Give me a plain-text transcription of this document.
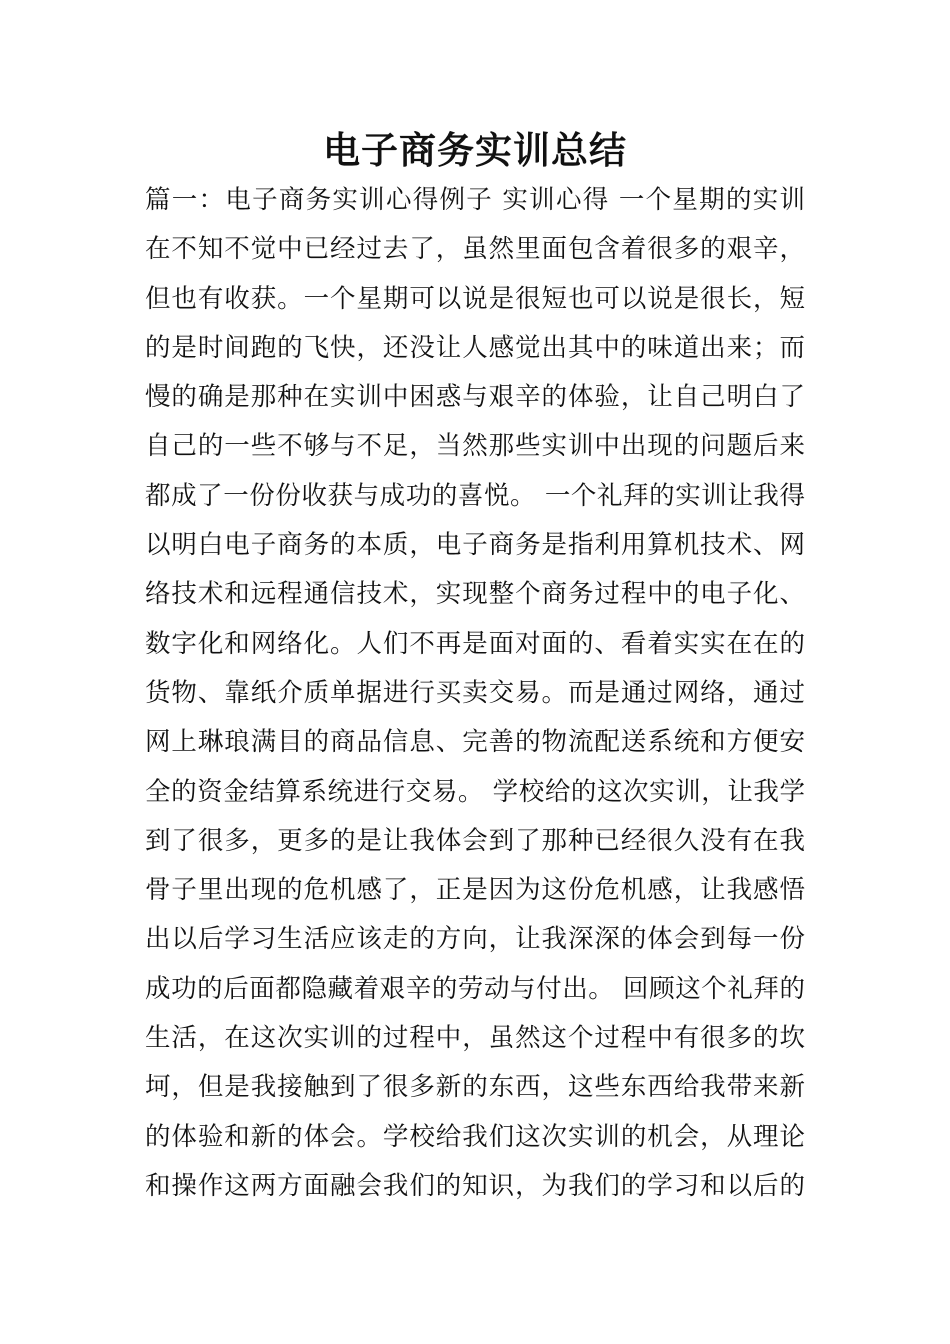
电子商务实训总结
篇一：电子商务实训心得例子 实训心得 一个星期的实训
在不知不觉中已经过去了，虽然里面包含着很多的艰辛，
但也有收获。一个星期可以说是很短也可以说是很长，短
的是时间跑的飞快，还没让人感觉出其中的味道出来；而
慢的确是那种在实训中困惑与艰辛的体验，让自己明白了
自己的一些不够与不足，当然那些实训中出现的问题后来
都成了一份份收获与成功的喜悦。 一个礼拜的实训让我得
以明白电子商务的本质，电子商务是指利用算机技术、网
络技术和远程通信技术，实现整个商务过程中的电子化、
数字化和网络化。人们不再是面对面的、看着实实在在的
货物、靠纸介质单据进行买卖交易。而是通过网络，通过
网上琳琅满目的商品信息、完善的物流配送系统和方便安
全的资金结算系统进行交易。 学校给的这次实训，让我学
到了很多，更多的是让我体会到了那种已经很久没有在我
骨子里出现的危机感了，正是因为这份危机感，让我感悟
出以后学习生活应该走的方向，让我深深的体会到每一份
成功的后面都隐藏着艰辛的劳动与付出。 回顾这个礼拜的
生活，在这次实训的过程中，虽然这个过程中有很多的坎
坷，但是我接触到了很多新的东西，这些东西给我带来新
的体验和新的体会。学校给我们这次实训的机会，从理论
和操作这两方面融会我们的知识，为我们的学习和以后的
